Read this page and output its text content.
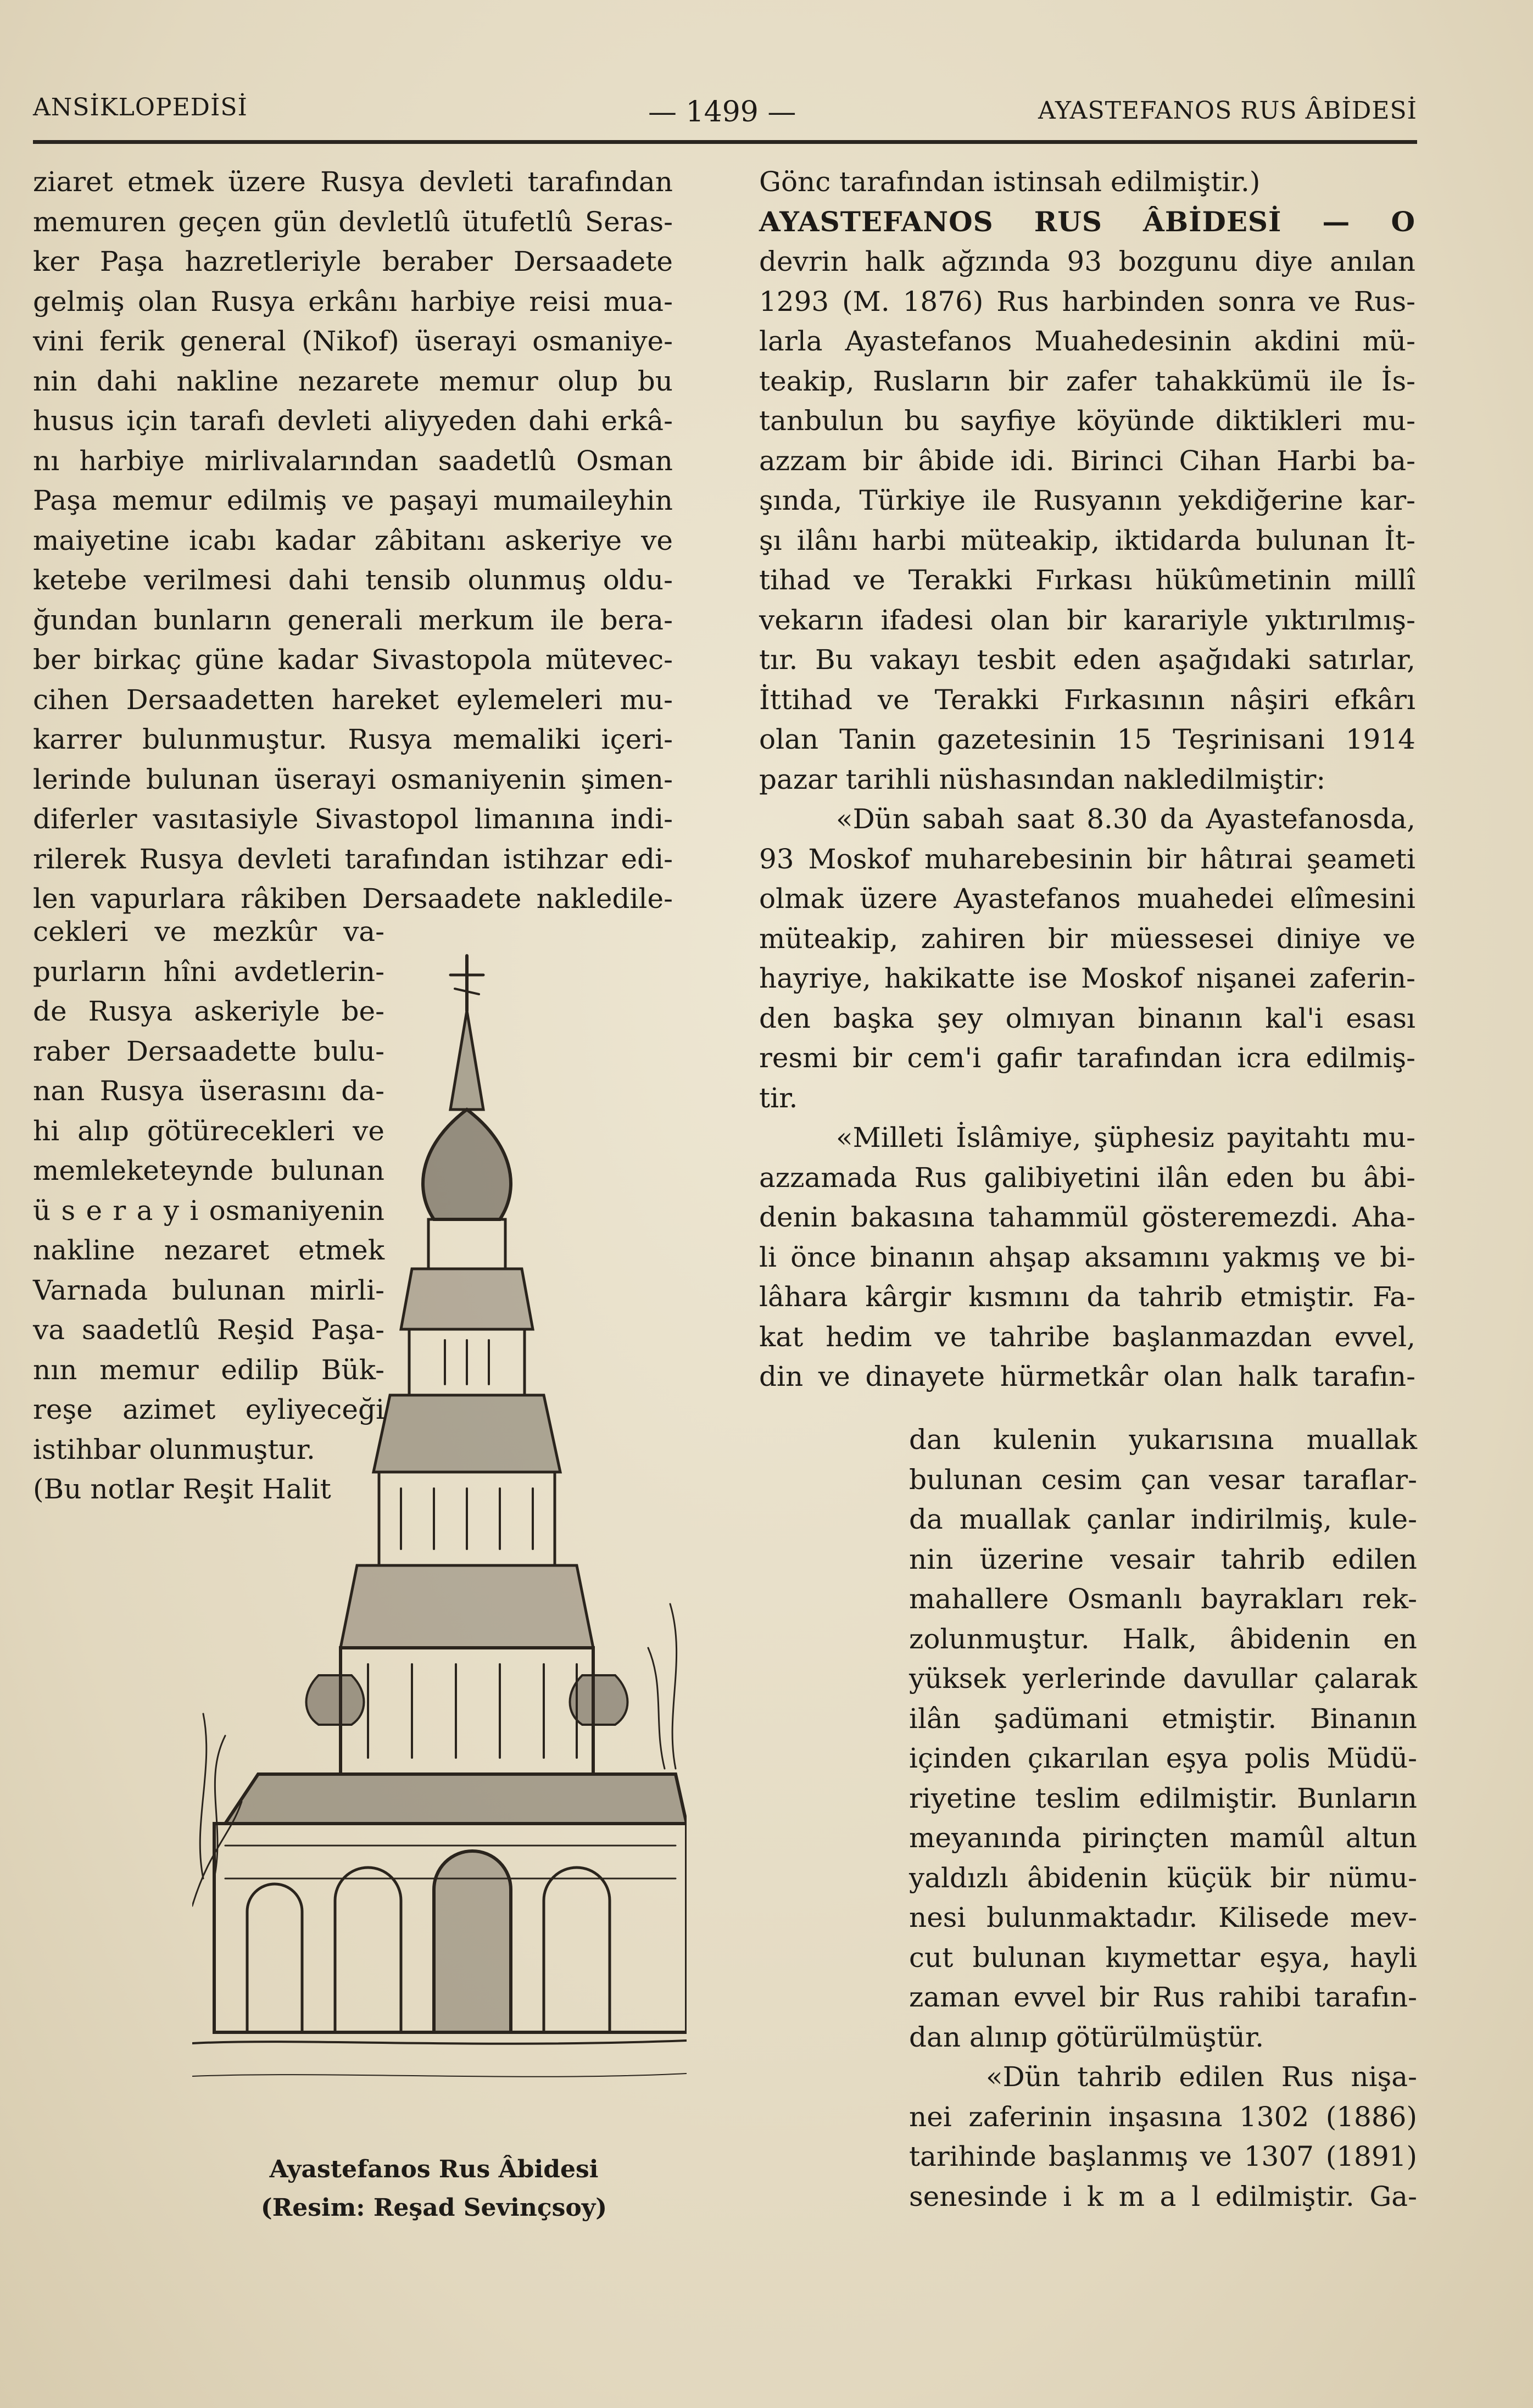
ANSİKLOPEDİSİ	— 1499 —	AYASTEFANOS RUS ÂBİDESİ
ziaret etmek üzere Rusya devleti tarafından
memuren geçen gün devletlû ütufetlû Seras-
ker Paşa hazretleriyle beraber Dersaadete
gelmiş olan Rusya erkânı harbiye reisi mua-
vini ferik general (Nikof) üserayi osmaniye-
nin dahi nakline nezarete memur olup bu
husus için tarafı devleti aliyyeden dahi erkâ-
nı harbiye mirlivalarından saadetlû Osman
Paşa memur edilmiş ve paşayi mumaileyhin
maiyetine icabı kadar zâbitanı askeriye ve
ketebe verilmesi dahi tensib olunmuş oldu-
ğundan bunların generali merkum ile bera-
ber birkaç güne kadar Sivastopola mütevec-
cihen Dersaadetten hareket eylemeleri mu-
karrer bulunmuştur. Rusya memaliki içeri-
lerinde bulunan üserayi osmaniyenin şimen-
diferler vasıtasiyle Sivastopol limanına indi-
rilerek Rusya devleti tarafından istihzar edi-
len vapurlara râkiben Dersaadete nakledile-
cekleri ve mezkûr va-
purların hîni avdetlerin-
de Rusya askeriyle be-
raber Dersaadette bulu-
nan Rusya üserasını da-
hi alıp götürecekleri ve
memleketeynde bulunan
ü s e r a y i osmaniyenin
nakline nezaret etmek
Varnada bulunan mirli-
va saadetlû Reşid Paşa-
nın memur edilip Bük-
reşe azimet eyliyeceği
istihbar olunmuştur.
(Bu notlar Reşit Halit
Gönc tarafından istinsah edilmiştir.)
AYASTEFANOS RUS ÂBİDESİ — O
devrin halk ağzında 93 bozgunu diye anılan
1293 (M. 1876) Rus harbinden sonra ve Rus-
larla Ayastefanos Muahedesinin akdini mü-
teakip, Rusların bir zafer tahakkümü ile İs-
tanbulun bu sayfiye köyünde diktikleri mu-
azzam bir âbide idi. Birinci Cihan Harbi ba-
şında, Türkiye ile Rusyanın yekdiğerine kar-
şı ilânı harbi müteakip, iktidarda bulunan İt-
tihad ve Terakki Fırkası hükûmetinin millî
vekarın ifadesi olan bir karariyle yıktırılmış-
tır. Bu vakayı tesbit eden aşağıdaki satırlar,
İttihad ve Terakki Fırkasının nâşiri efkârı
olan Tanin gazetesinin 15 Teşrinisani 1914
pazar tarihli nüshasından nakledilmiştir:
«Dün sabah saat 8.30 da Ayastefanosda,
93 Moskof muharebesinin bir hâtırai şeameti
olmak üzere Ayastefanos muahedei elîmesini
müteakip, zahiren bir müessesei diniye ve
hayriye, hakikatte ise Moskof nişanei zaferin-
den başka şey olmıyan binanın kal'i esası
resmi bir cem'i gafir tarafından icra edilmiş-
tir.
«Milleti İslâmiye, şüphesiz payitahtı mu-
azzamada Rus galibiyetini ilân eden bu âbi-
denin bakasına tahammül gösteremezdi. Aha-
li önce binanın ahşap aksamını yakmış ve bi-
lâhara kârgir kısmını da tahrib etmiştir. Fa-
kat hedim ve tahribe başlanmazdan evvel,
din ve dinayete hürmetkâr olan halk tarafın-
dan kulenin yukarısına muallak
bulunan cesim çan vesar taraflar-
da muallak çanlar indirilmiş, kule-
nin üzerine vesair tahrib edilen
mahallere Osmanlı bayrakları rek-
zolunmuştur. Halk, âbidenin en
yüksek yerlerinde davullar çalarak
ilân şadümani etmiştir. Binanın
içinden çıkarılan eşya polis Müdü-
riyetine teslim edilmiştir. Bunların
meyanında pirinçten mamûl altun
yaldızlı âbidenin küçük bir nümu-
nesi bulunmaktadır. Kilisede mev-
cut bulunan kıymettar eşya, hayli
zaman evvel bir Rus rahibi tarafın-
dan alınıp götürülmüştür.
«Dün tahrib edilen Rus nişa-
nei zaferinin inşasına 1302 (1886)
tarihinde başlanmış ve 1307 (1891)
senesinde i k m a l edilmiştir. Ga-
Ayastefanos Rus Âbidesi
(Resim: Reşad Sevinçsoy)
